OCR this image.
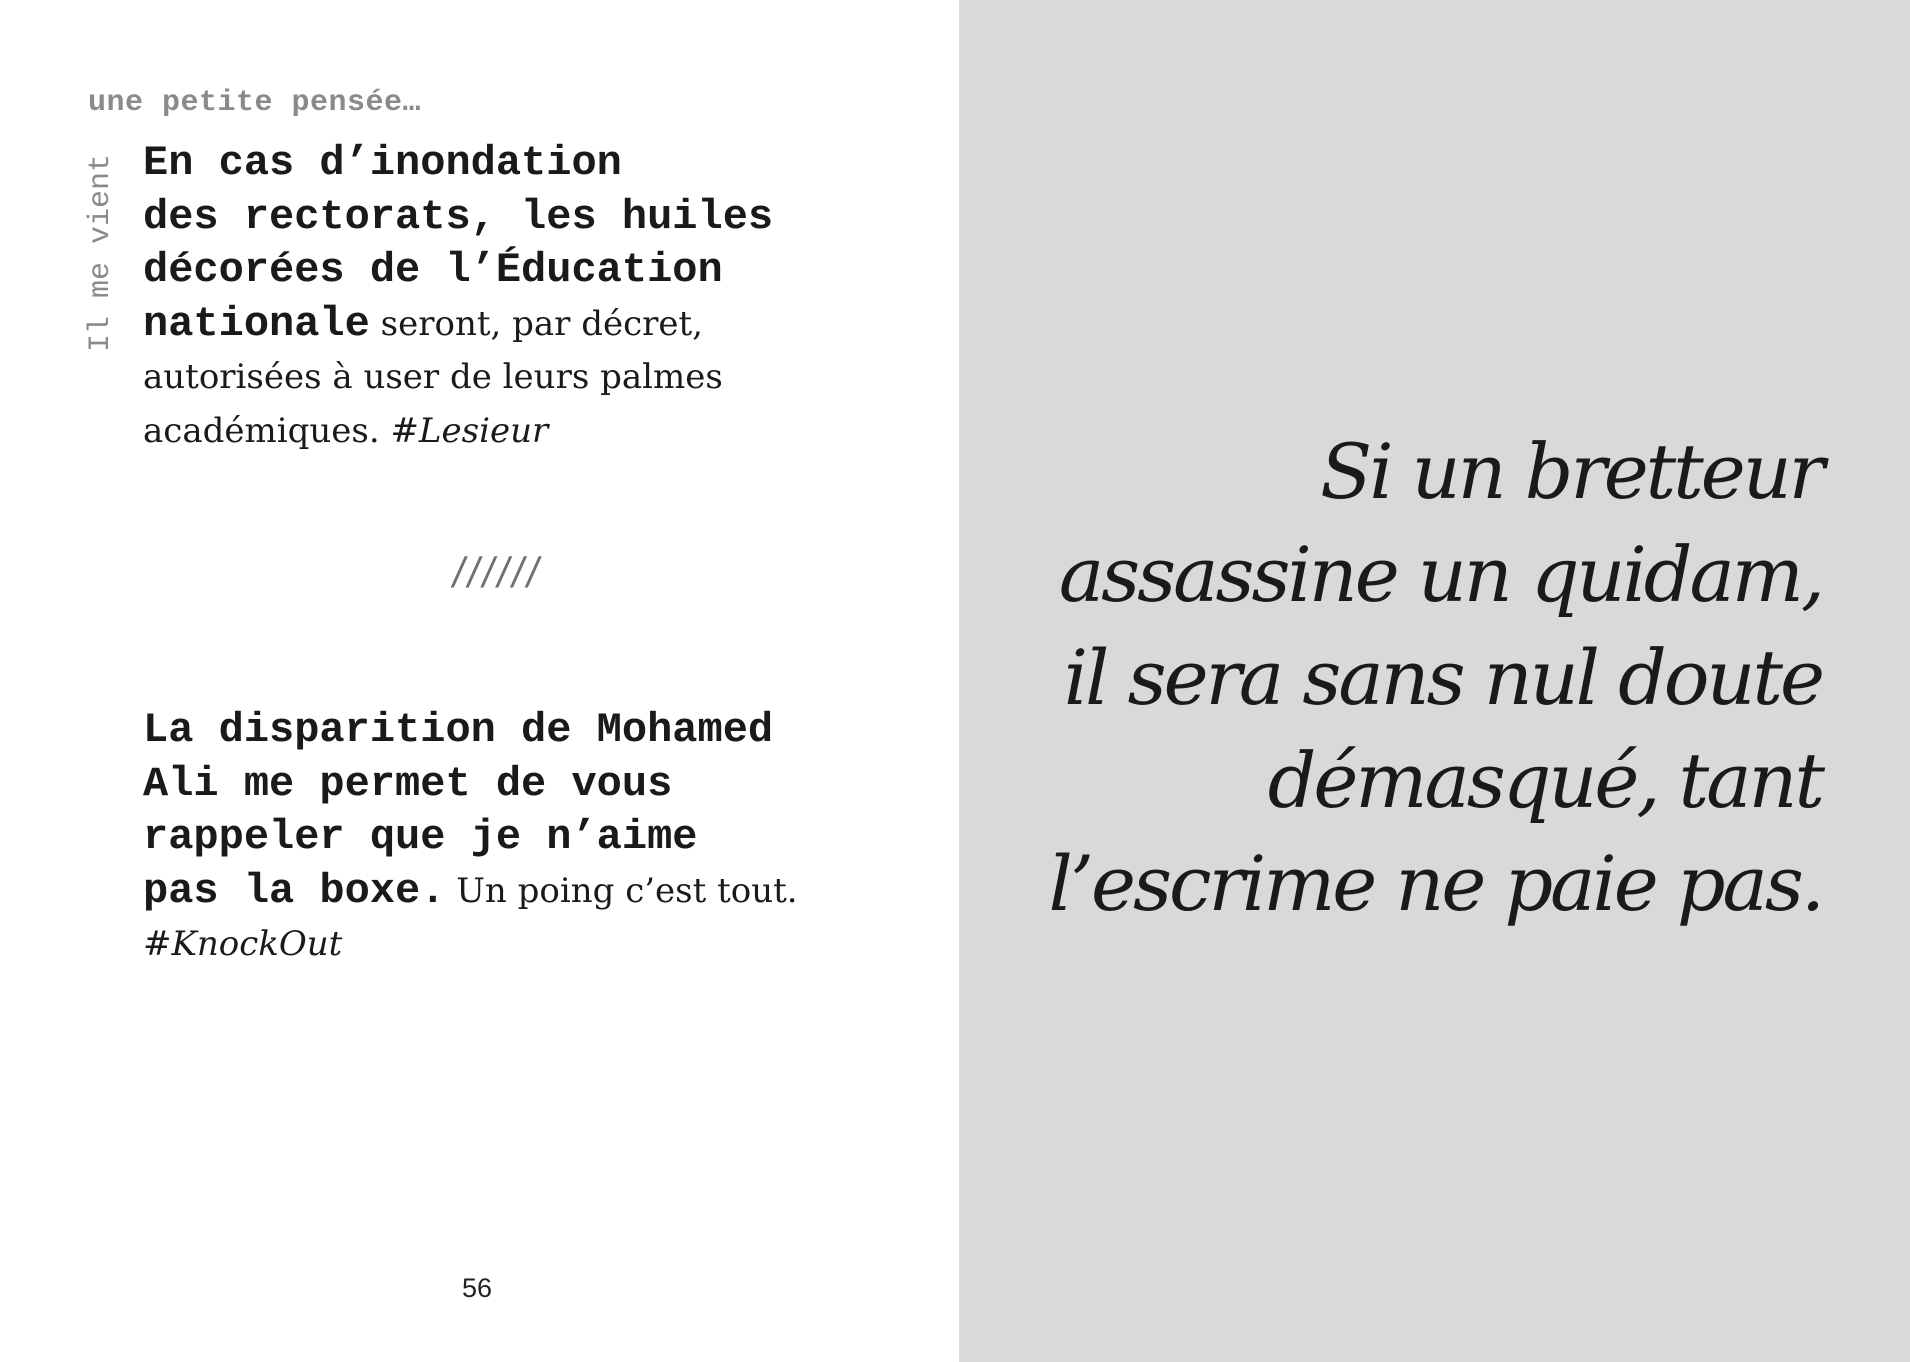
une petite pensée…
Il me vient En cas d’inondation
des rectorats, les huiles
décorées de l’Éducation
nationale seront, par décret,
autorisées à user de leurs palmes
académiques. #Lesieur
//////
La disparition de Mohamed
Ali me permet de vous
rappeler que je n’aime
pas la boxe. Un poing c’est tout.
#KnockOut
56
Si un bretteur
assassine un quidam,
il sera sans nul doute
démasqué, tant
l’escrime ne paie pas.
